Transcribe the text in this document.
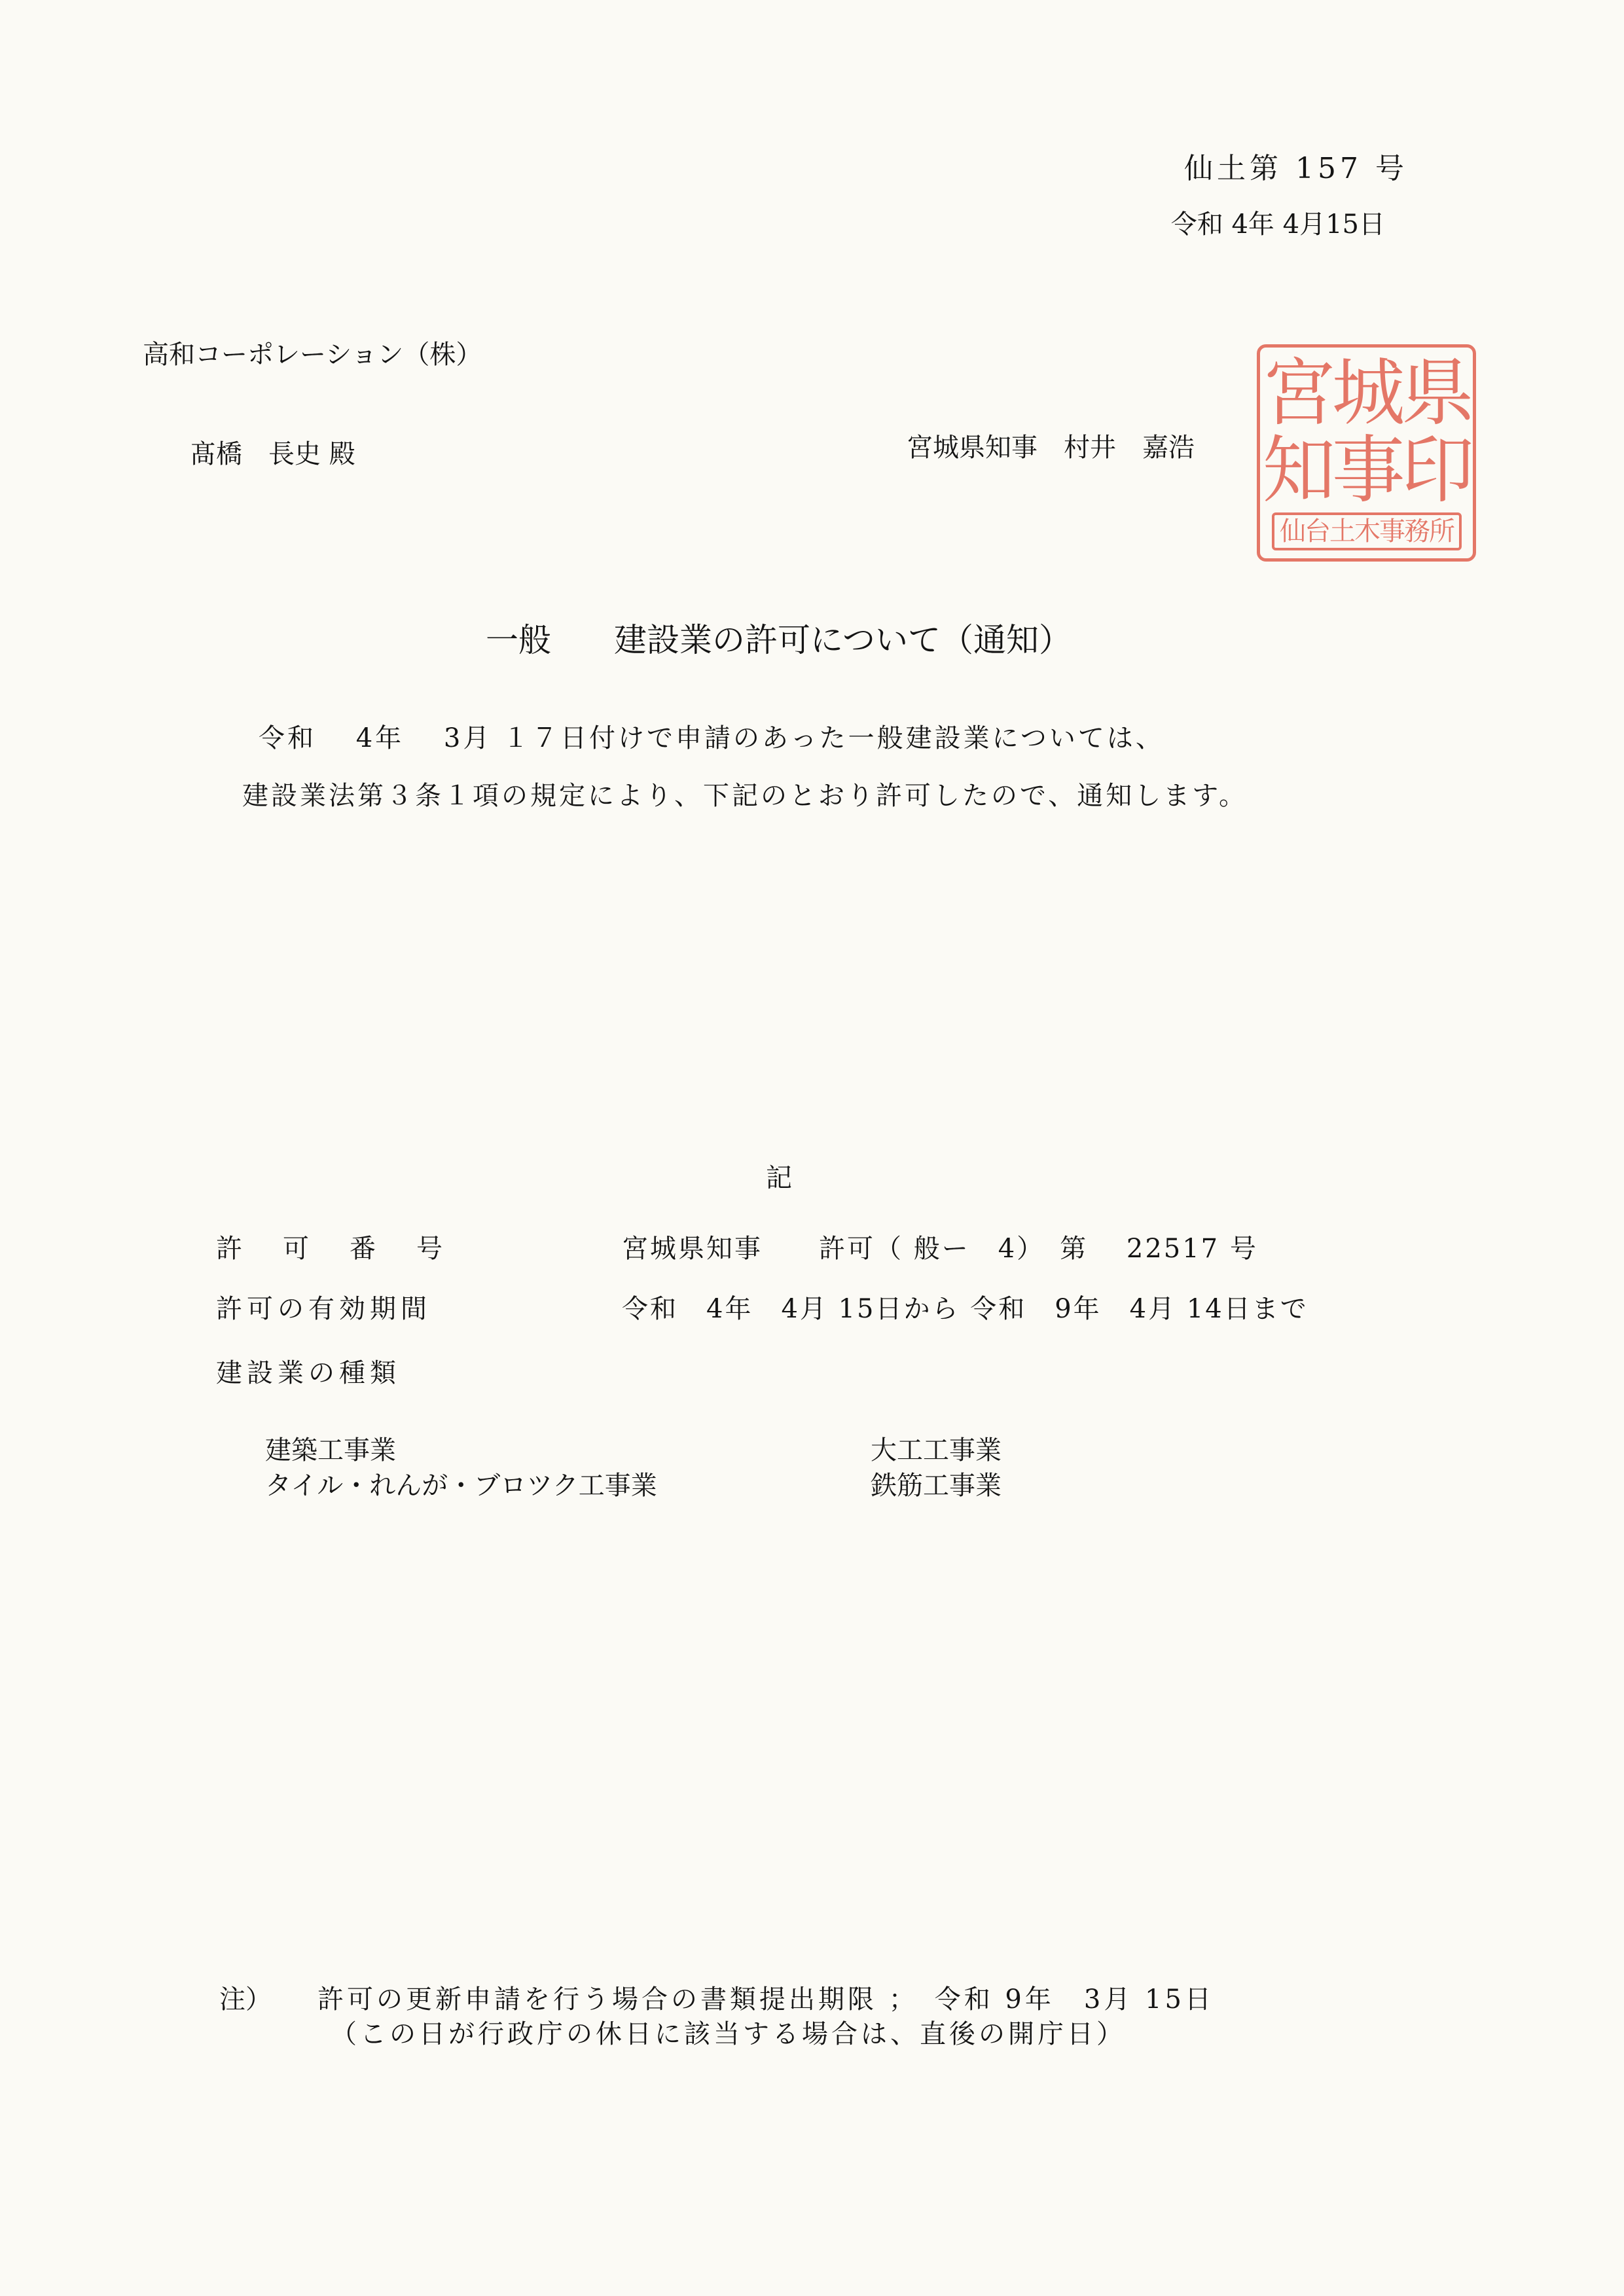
仙土第 157 号
令和 4年 4月15日
高和コーポレーション（株）
髙橋　長史 殿	宮城県知事　村井　嘉浩
宮城県
知事印
仙台土木事務所
一般 建設業の許可について（通知）
令和　 4年　 3月 １７日付けで申請のあった一般建設業については、
建設業法第３条１項の規定により、下記のとおり許可したので、通知します。
記
許可番号	宮城県知事　　許可（ 般ー　4）　第　 22517 号
許可の有効期間	令和　4年　4月 15日から 令和　9年　4月 14日まで
建設業の種類
建築工事業	大工工事業
タイル・れんが・ブロツク工事業	鉄筋工事業
注） 許可の更新申請を行う場合の書類提出期限 ；　令和 9年　3月 15日
（この日が行政庁の休日に該当する場合は、直後の開庁日）
